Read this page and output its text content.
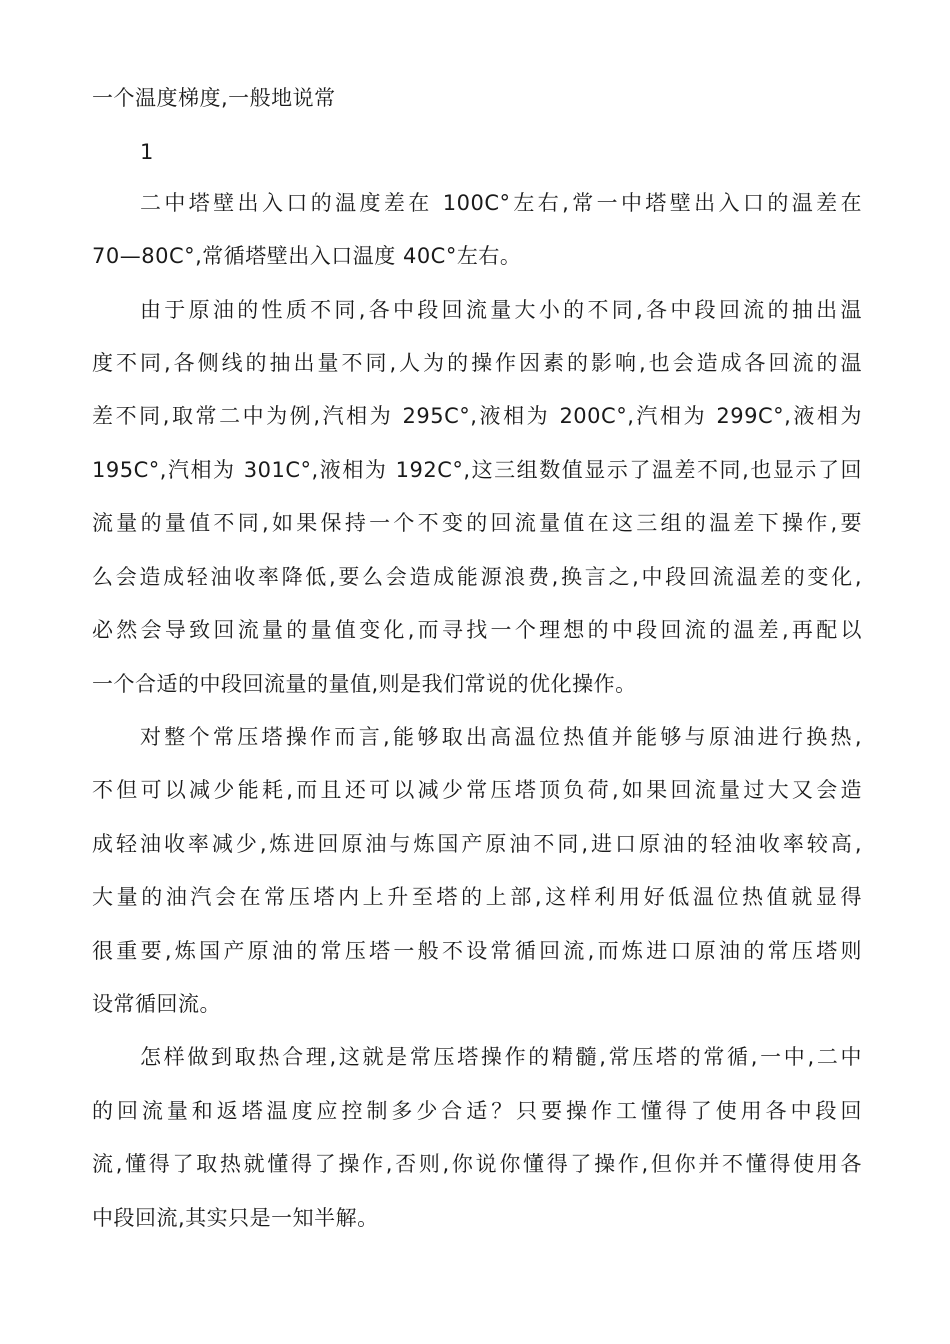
一个温度梯度,一般地说常
1
二中塔壁出入口的温度差在 100C°左右,常一中塔壁出入口的温差在
70—80C°,常循塔壁出入口温度 40C°左右。
由于原油的性质不同,各中段回流量大小的不同,各中段回流的抽出温
度不同,各侧线的抽出量不同,人为的操作因素的影响,也会造成各回流的温
差不同,取常二中为例,汽相为 295C°,液相为 200C°,汽相为 299C°,液相为
195C°,汽相为 301C°,液相为 192C°,这三组数值显示了温差不同,也显示了回
流量的量值不同,如果保持一个不变的回流量值在这三组的温差下操作,要
么会造成轻油收率降低,要么会造成能源浪费,换言之,中段回流温差的变化,
必然会导致回流量的量值变化,而寻找一个理想的中段回流的温差,再配以
一个合适的中段回流量的量值,则是我们常说的优化操作。
对整个常压塔操作而言,能够取出高温位热值并能够与原油进行换热,
不但可以减少能耗,而且还可以减少常压塔顶负荷,如果回流量过大又会造
成轻油收率减少,炼进回原油与炼国产原油不同,进口原油的轻油收率较高,
大量的油汽会在常压塔内上升至塔的上部,这样利用好低温位热值就显得
很重要,炼国产原油的常压塔一般不设常循回流,而炼进口原油的常压塔则
设常循回流。
怎样做到取热合理,这就是常压塔操作的精髓,常压塔的常循,一中,二中
的回流量和返塔温度应控制多少合适？只要操作工懂得了使用各中段回
流,懂得了取热就懂得了操作,否则,你说你懂得了操作,但你并不懂得使用各
中段回流,其实只是一知半解。
